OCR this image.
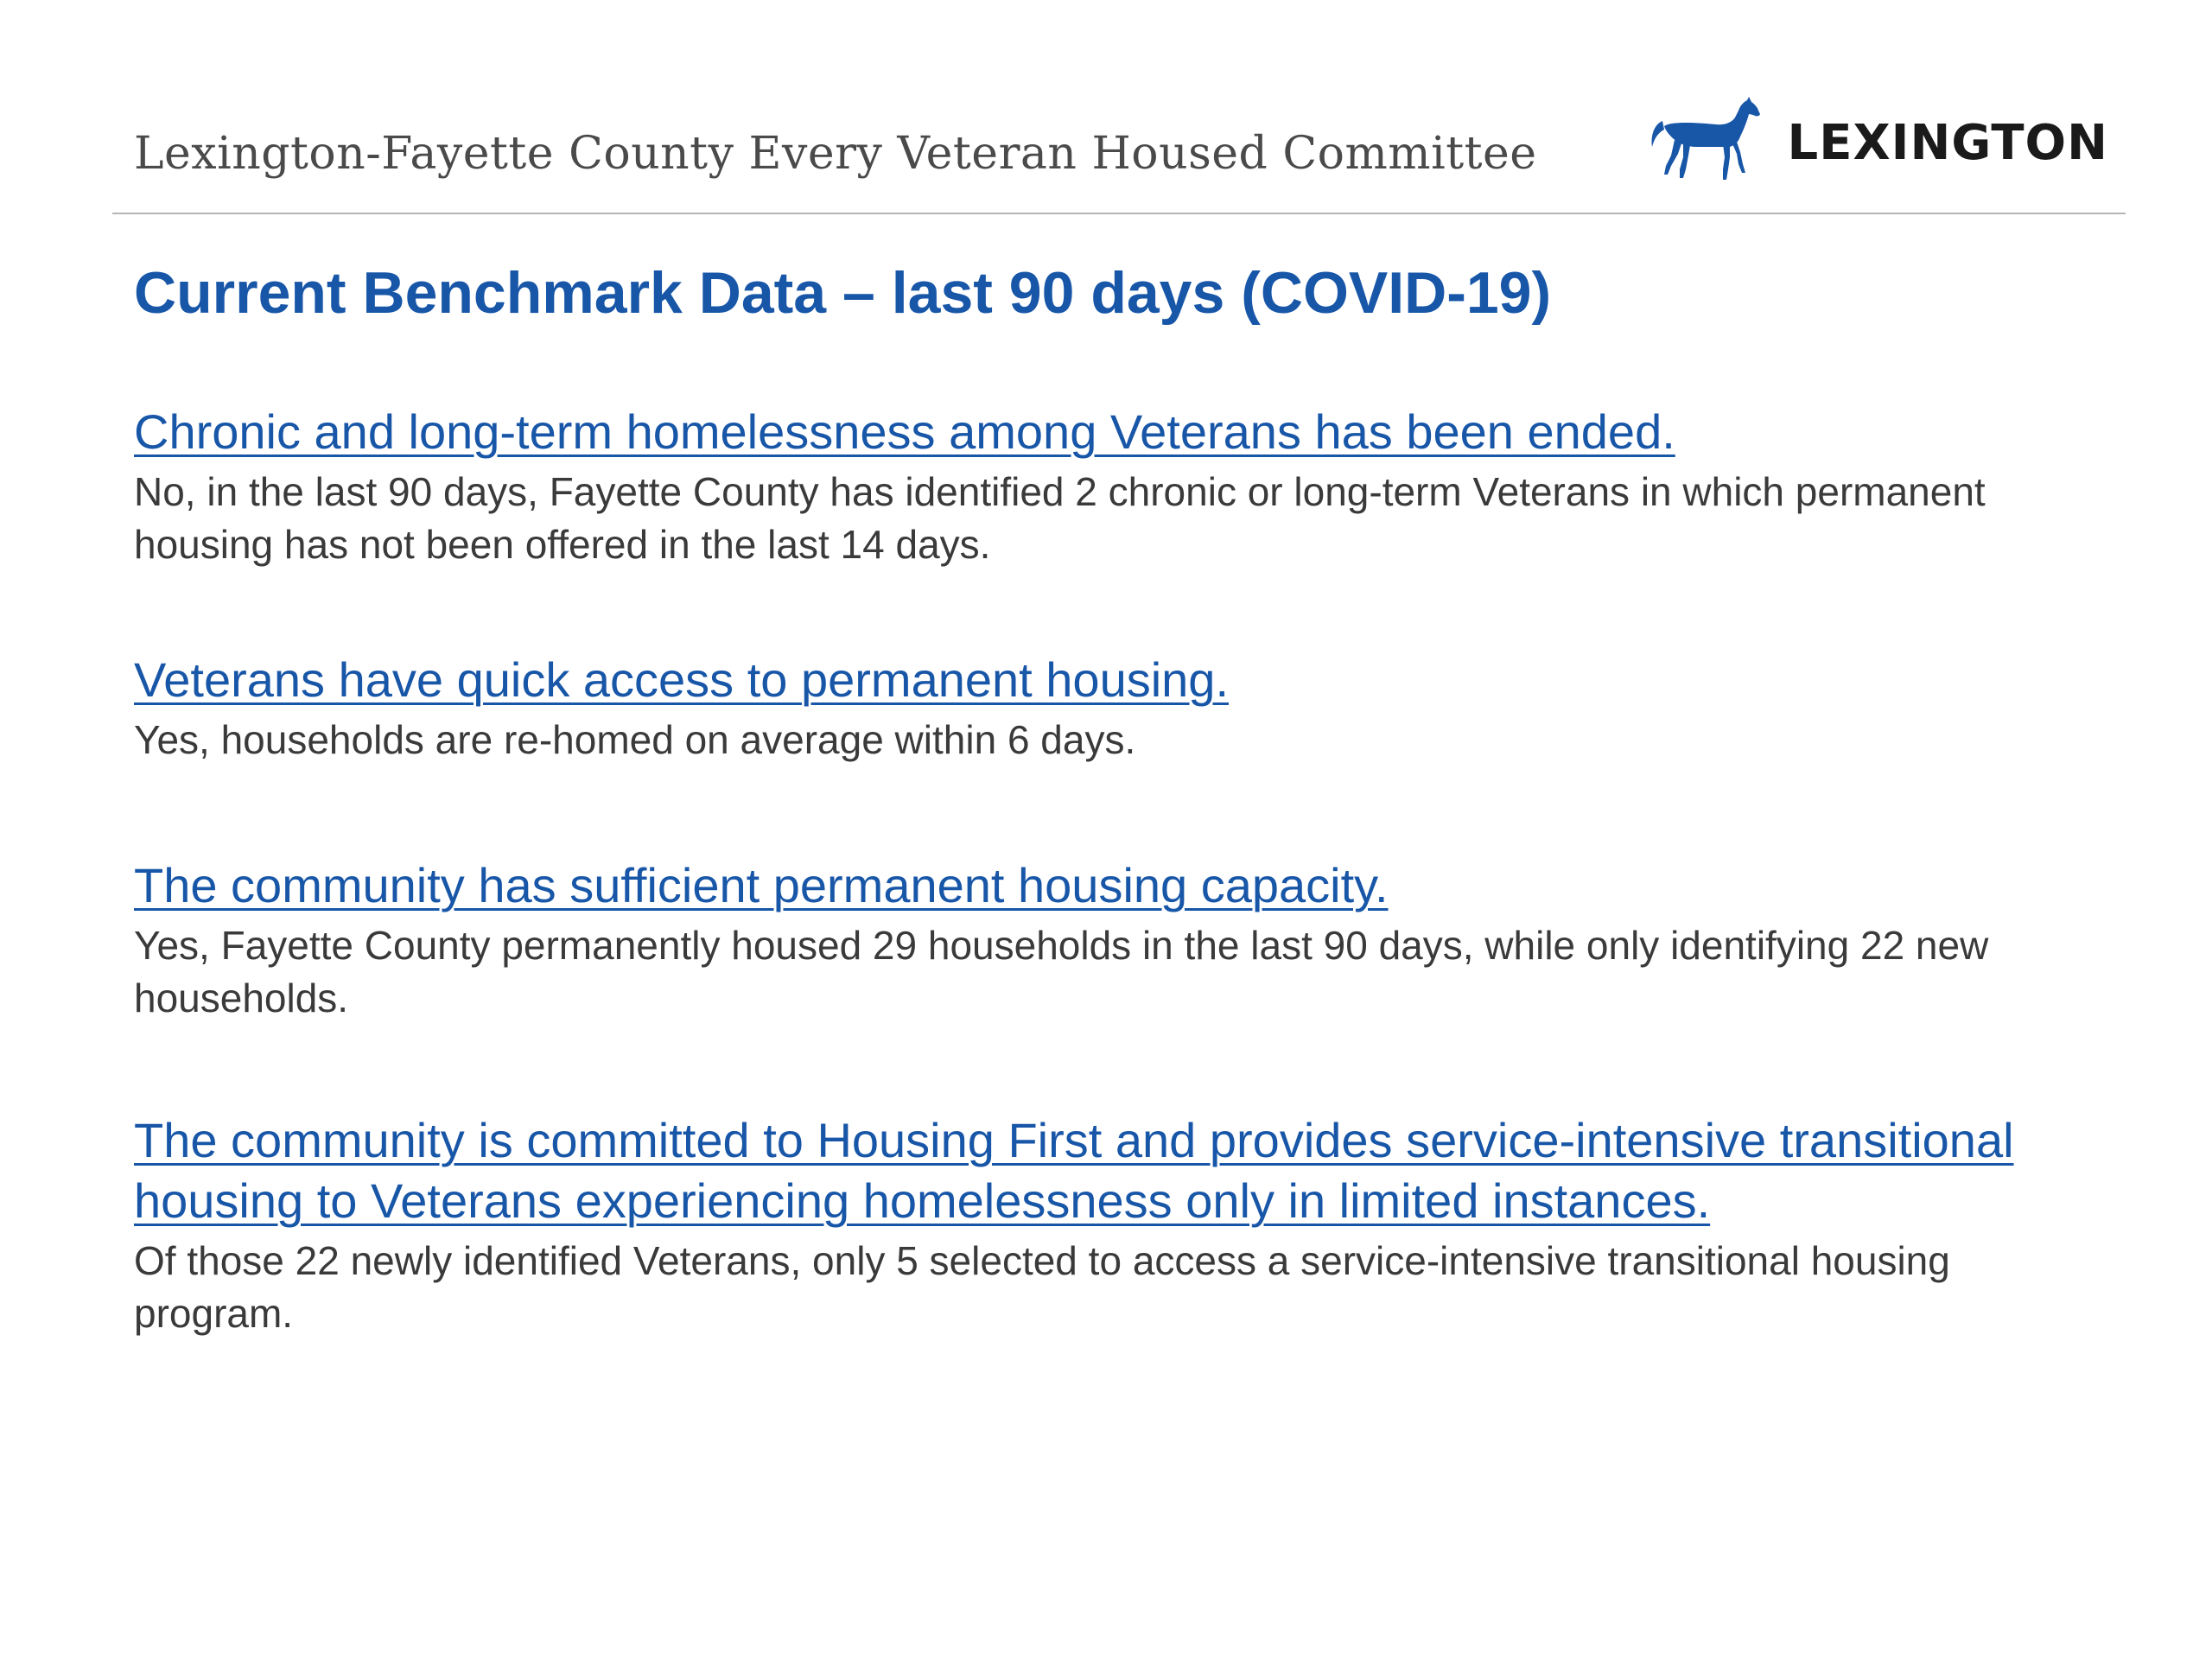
Lexington-Fayette County Every Veteran Housed Committee	LEXINGTON
Current Benchmark Data – last 90 days (COVID-19)
Chronic and long-term homelessness among Veterans has been ended.
No, in the last 90 days, Fayette County has identified 2 chronic or long-term Veterans in which permanent housing has not been offered in the last 14 days.
Veterans have quick access to permanent housing.
Yes, households are re-homed on average within 6 days.
The community has sufficient permanent housing capacity.
Yes, Fayette County permanently housed 29 households in the last 90 days, while only identifying 22 new households.
The community is committed to Housing First and provides service-intensive transitional housing to Veterans experiencing homelessness only in limited instances.
Of those 22 newly identified Veterans, only 5 selected to access a service-intensive transitional housing program.
